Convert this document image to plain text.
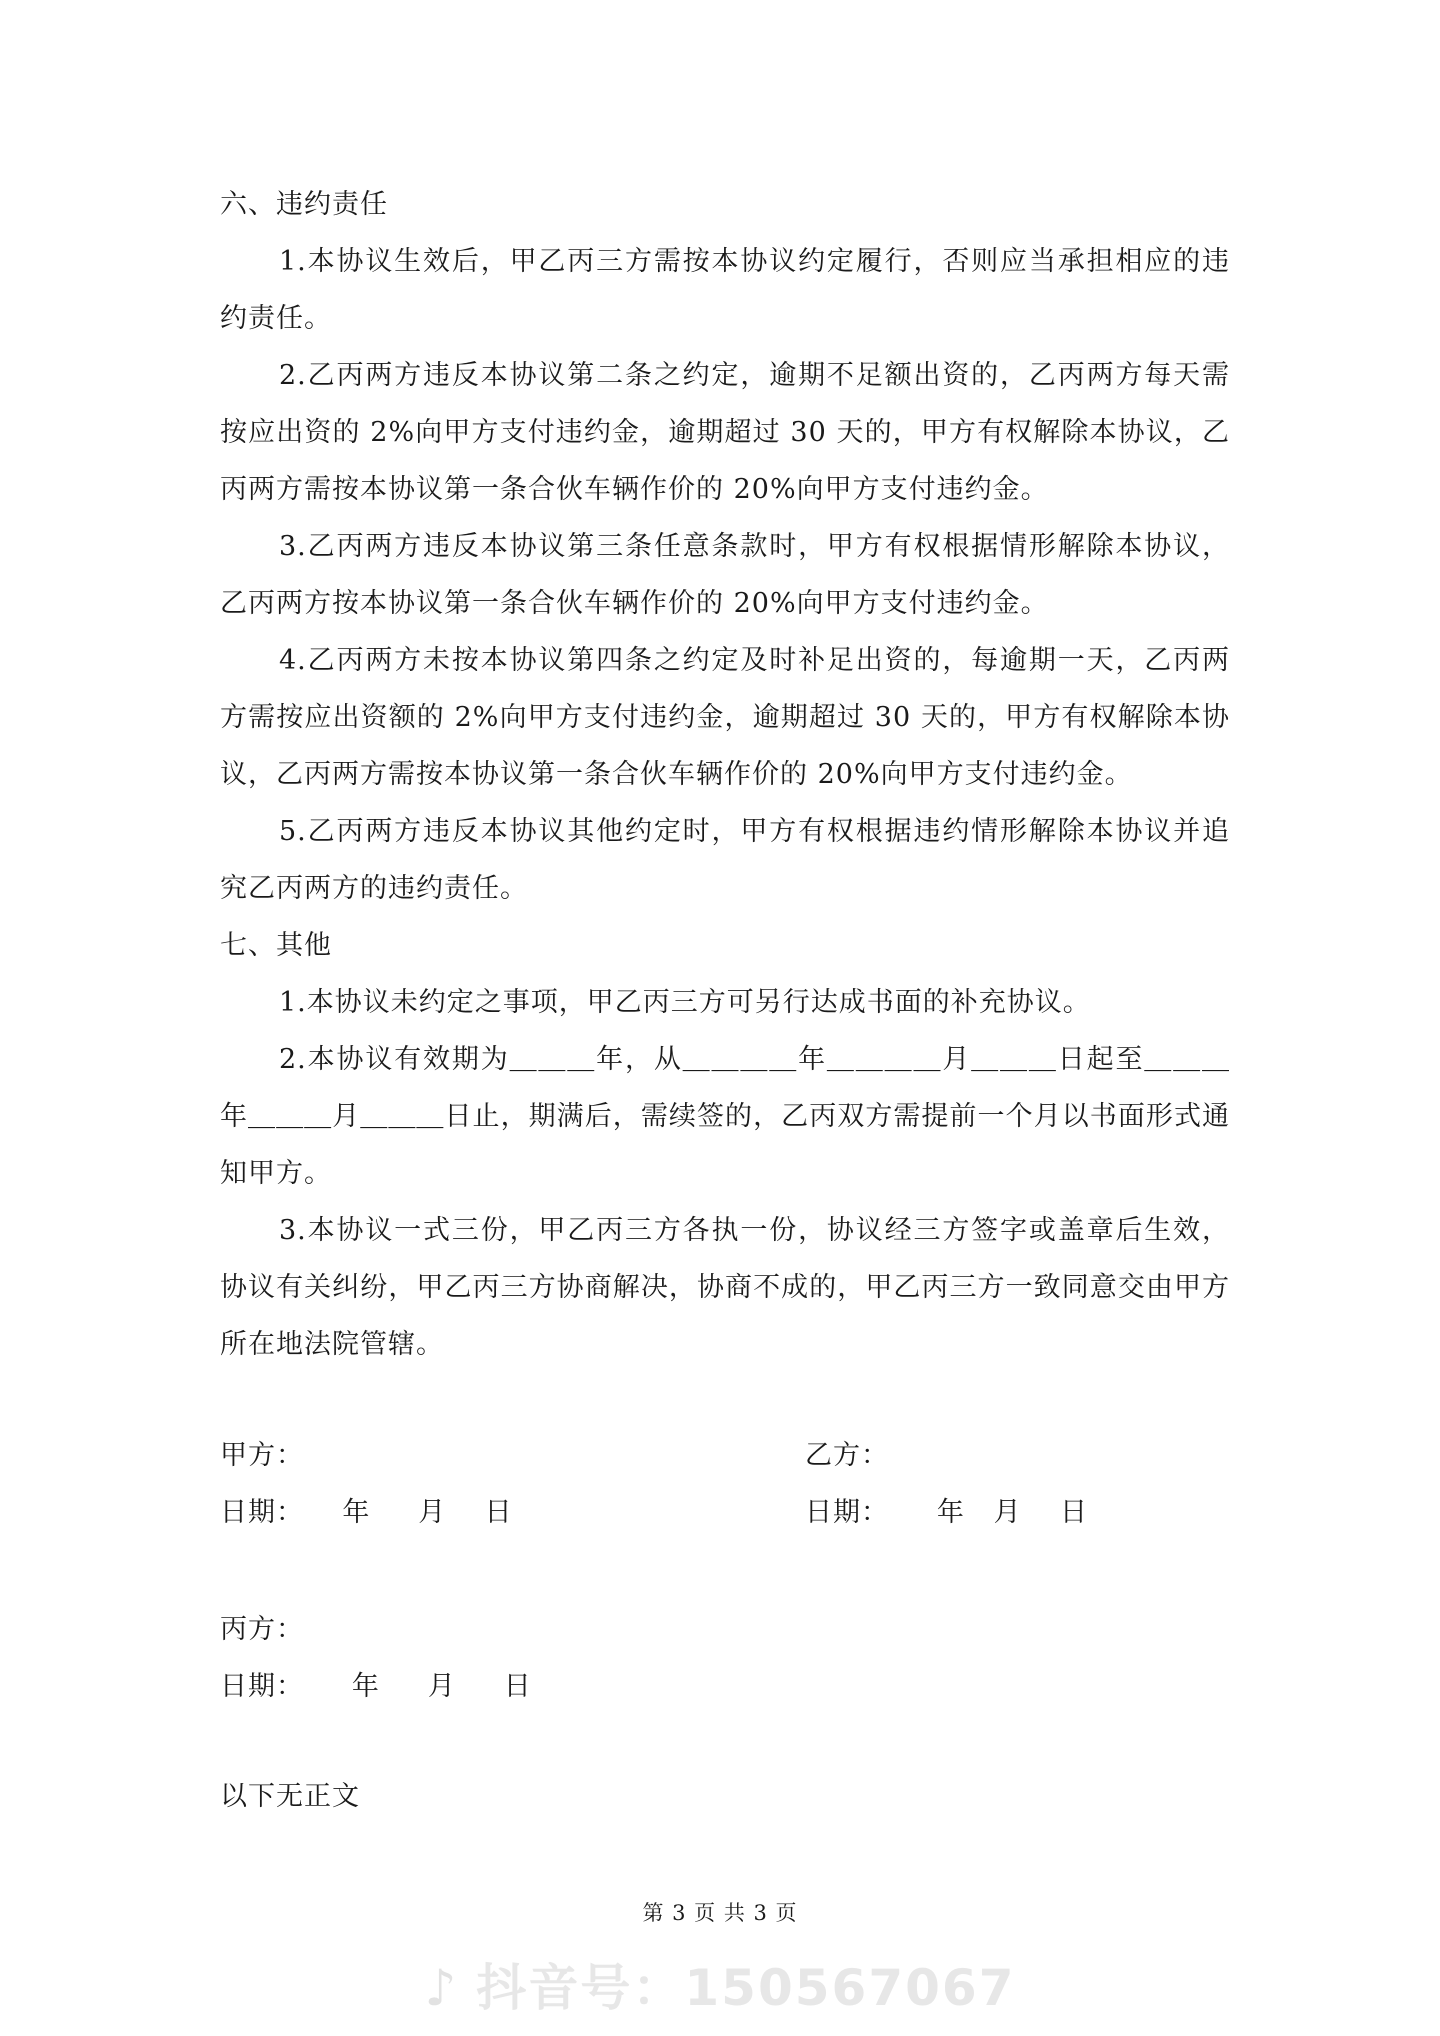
六、违约责任

1.本协议生效后，甲乙丙三方需按本协议约定履行，否则应当承担相应的违约责任。

2.乙丙两方违反本协议第二条之约定，逾期不足额出资的，乙丙两方每天需按应出资的 2%向甲方支付违约金，逾期超过 30 天的，甲方有权解除本协议，乙丙两方需按本协议第一条合伙车辆作价的 20%向甲方支付违约金。

3.乙丙两方违反本协议第三条任意条款时，甲方有权根据情形解除本协议，乙丙两方按本协议第一条合伙车辆作价的 20%向甲方支付违约金。

4.乙丙两方未按本协议第四条之约定及时补足出资的，每逾期一天，乙丙两方需按应出资额的 2%向甲方支付违约金，逾期超过 30 天的，甲方有权解除本协议，乙丙两方需按本协议第一条合伙车辆作价的 20%向甲方支付违约金。

5.乙丙两方违反本协议其他约定时，甲方有权根据违约情形解除本协议并追究乙丙两方的违约责任。

七、其他

1.本协议未约定之事项，甲乙丙三方可另行达成书面的补充协议。

2.本协议有效期为＿＿＿年，从＿＿＿＿年＿＿＿＿月＿＿＿日起至＿＿＿年＿＿＿月＿＿＿日止，期满后，需续签的，乙丙双方需提前一个月以书面形式通知甲方。

3.本协议一式三份，甲乙丙三方各执一份，协议经三方签字或盖章后生效，协议有关纠纷，甲乙丙三方协商解决，协商不成的，甲乙丙三方一致同意交由甲方所在地法院管辖。

甲方：	乙方：
日期：    年     月    日	日期：     年   月    日
丙方：
日期：     年     月     日
以下无正文
第 3 页 共 3 页
♪ 抖音号：150567067
